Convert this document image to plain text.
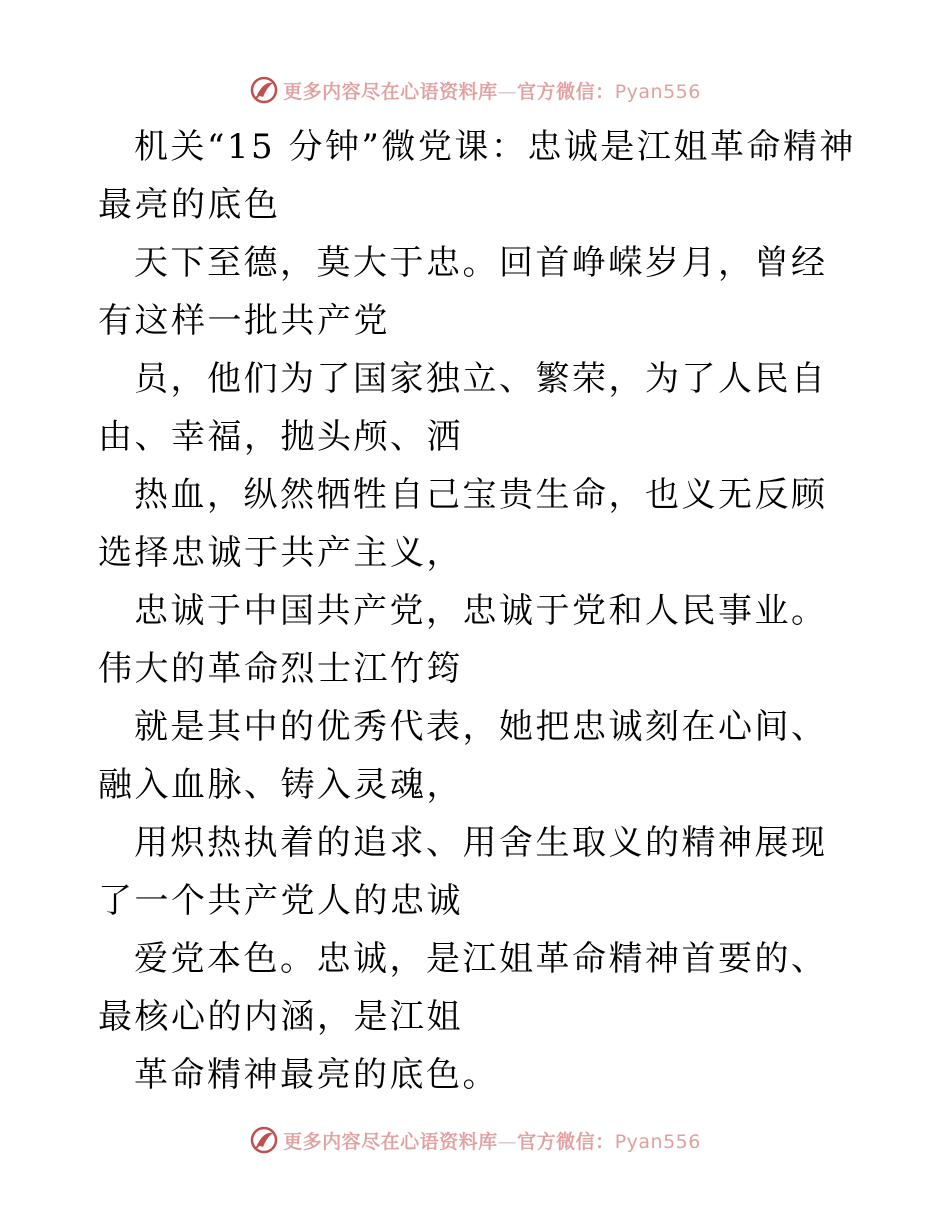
更多内容尽在心语资料库—官方微信：Pyan556

机关“15 分钟”微党课：忠诚是江姐革命精神最亮的底色

天下至德，莫大于忠。回首峥嵘岁月，曾经有这样一批共产党

员，他们为了国家独立、繁荣，为了人民自由、幸福，抛头颅、洒

热血，纵然牺牲自己宝贵生命，也义无反顾选择忠诚于共产主义，

忠诚于中国共产党，忠诚于党和人民事业。伟大的革命烈士江竹筠

就是其中的优秀代表，她把忠诚刻在心间、融入血脉、铸入灵魂，

用炽热执着的追求、用舍生取义的精神展现了一个共产党人的忠诚

爱党本色。忠诚，是江姐革命精神首要的、最核心的内涵，是江姐

革命精神最亮的底色。

更多内容尽在心语资料库—官方微信：Pyan556
